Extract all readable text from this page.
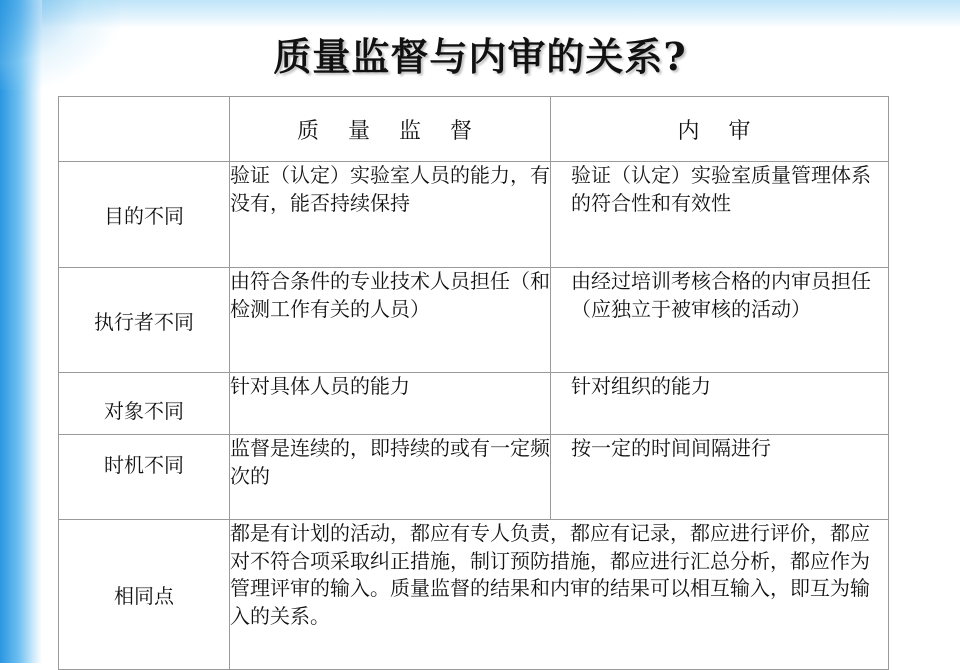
质量监督与内审的关系?
	质 量 监 督	内 审
目的不同	验证（认定）实验室人员的能力，有没有，能否持续保持	验证（认定）实验室质量管理体系的符合性和有效性
执行者不同	由符合条件的专业技术人员担任（和检测工作有关的人员）	由经过培训考核合格的内审员担任（应独立于被审核的活动）
对象不同	针对具体人员的能力	针对组织的能力
时机不同	监督是连续的，即持续的或有一定频次的	按一定的时间间隔进行
相同点	都是有计划的活动，都应有专人负责，都应有记录，都应进行评价，都应对不符合项采取纠正措施，制订预防措施，都应进行汇总分析，都应作为管理评审的输入。质量监督的结果和内审的结果可以相互输入，即互为输入的关系。	
